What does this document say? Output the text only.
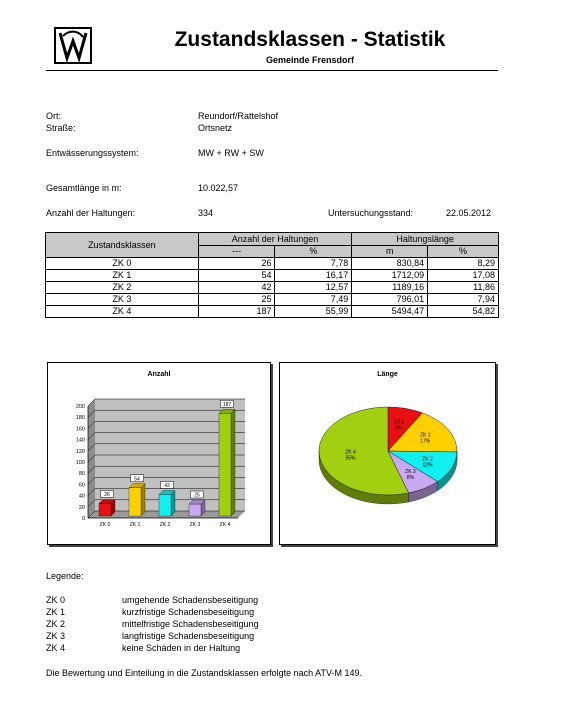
Zustandsklassen - Statistik
Gemeinde Frensdorf
Ort:	Reundorf/Rattelshof
Straße:	Ortsnetz
Entwässerungssystem:	MW + RW + SW
Gesamtlänge in m:	10.022,57
Anzahl der Haltungen:	334	Untersuchungsstand:	22.05.2012
Zustandsklassen	Anzahl der Haltungen		Haltungslänge	
	---	%	m	%
ZK 0	26	7,78	830,84	8,29
ZK 1	54	16,17	1712,09	17,08
ZK 2	42	12,57	1189,16	11,86
ZK 3	25	7,49	796,01	7,94
ZK 4	187	55,99	5494,47	54,82
Anzahl
0
20
40
60
80
100
120
140
160
180
200
26
ZK 0
54
ZK 1
42
ZK 2
25
ZK 3
187
ZK 4
Länge
ZK 0
8%
ZK 1
17%
ZK 2
12%
ZK 3
8%
ZK 4
55%
Legende:
ZK 0	umgehende Schadensbeseitigung
ZK 1	kurzfristige Schadensbeseitigung
ZK 2	mittelfristige Schadensbeseitigung
ZK 3	langfristige Schadensbeseitigung
ZK 4	keine Schäden in der Haltung
Die Bewertung und Einteilung in die Zustandsklassen erfolgte nach ATV-M 149.
